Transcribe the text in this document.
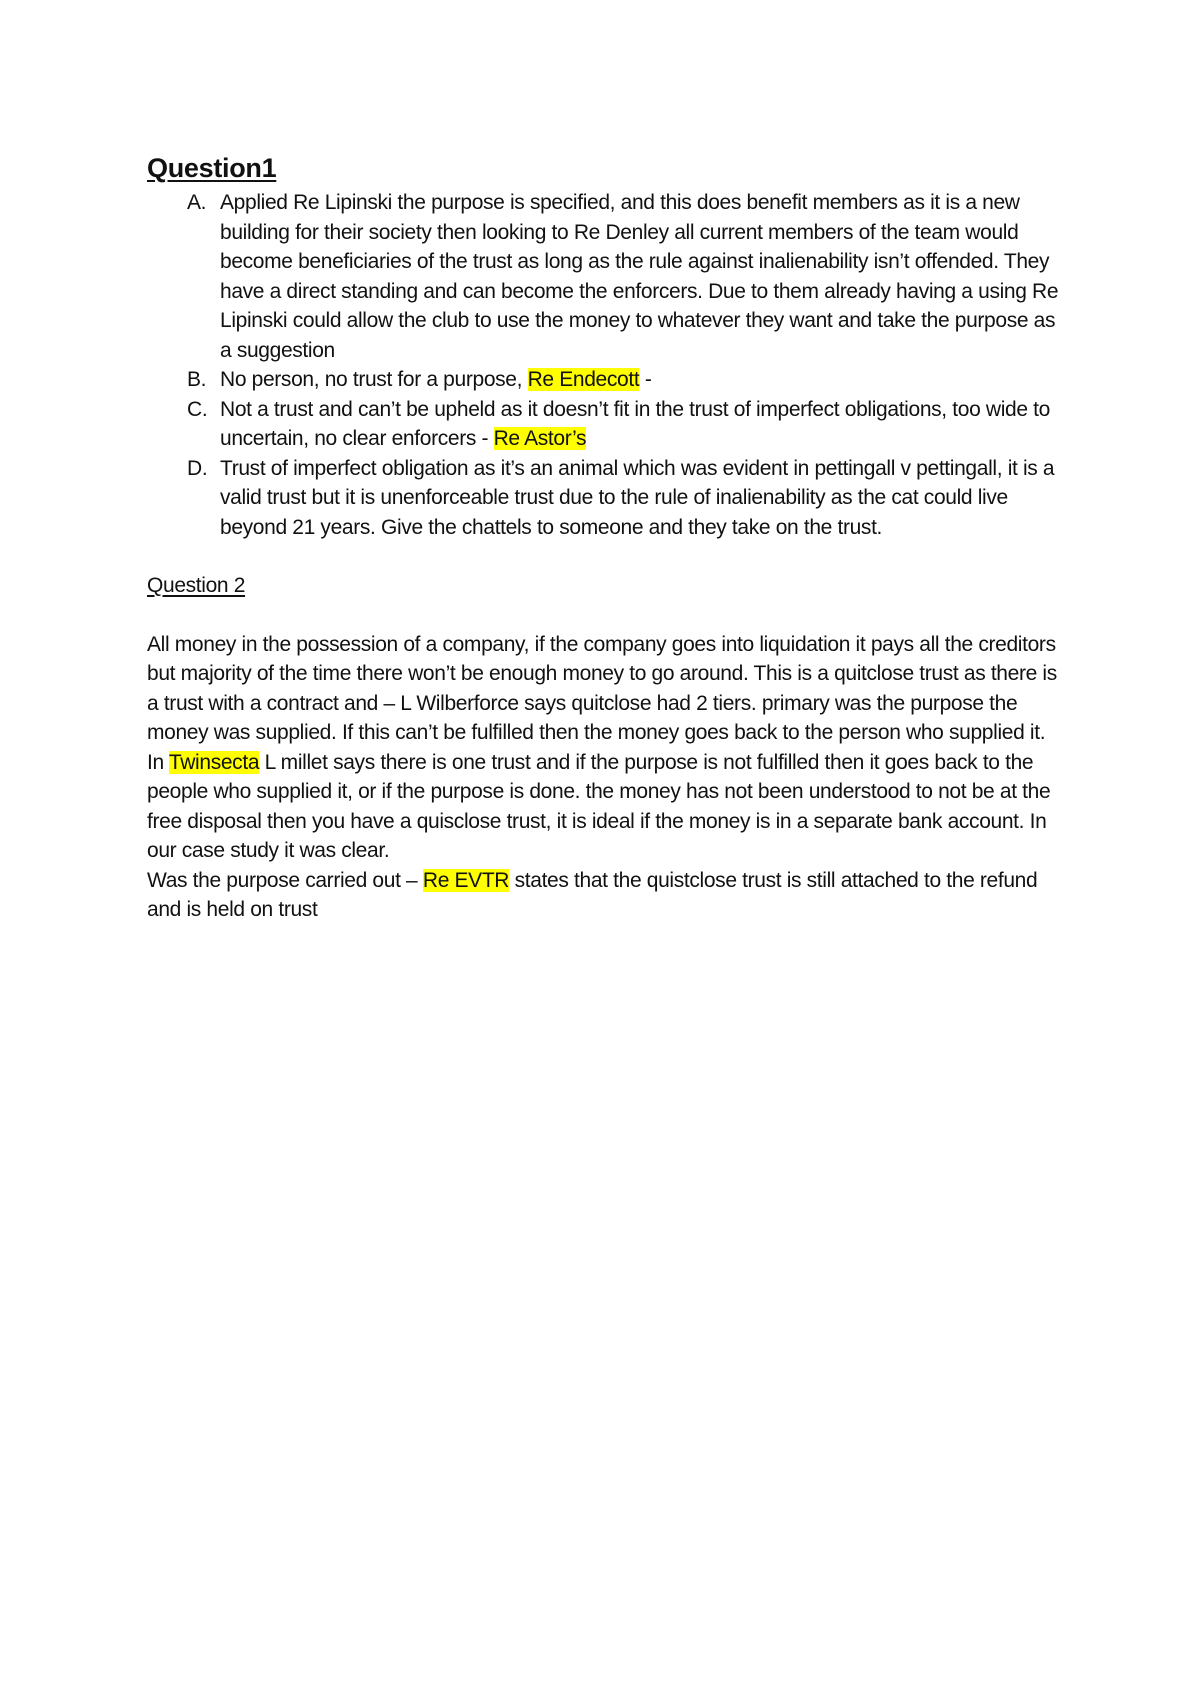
Question1
A. Applied Re Lipinski the purpose is specified, and this does benefit members as it is a new building for their society then looking to Re Denley all current members of the team would become beneficiaries of the trust as long as the rule against inalienability isn’t offended. They have a direct standing and can become the enforcers. Due to them already having a using Re Lipinski could allow the club to use the money to whatever they want and take the purpose as a suggestion
B. No person, no trust for a purpose, Re Endecott -
C. Not a trust and can’t be upheld as it doesn’t fit in the trust of imperfect obligations, too wide to uncertain, no clear enforcers - Re Astor’s
D. Trust of imperfect obligation as it’s an animal which was evident in pettingall v pettingall, it is a valid trust but it is unenforceable trust due to the rule of inalienability as the cat could live beyond 21 years. Give the chattels to someone and they take on the trust.
Question 2

All money in the possession of a company, if the company goes into liquidation it pays all the creditors but majority of the time there won’t be enough money to go around. This is a quitclose trust as there is a trust with a contract and – L Wilberforce says quitclose had 2 tiers. primary was the purpose the money was supplied. If this can’t be fulfilled then the money goes back to the person who supplied it.

In Twinsecta L millet says there is one trust and if the purpose is not fulfilled then it goes back to the people who supplied it, or if the purpose is done. the money has not been understood to not be at the free disposal then you have a quisclose trust, it is ideal if the money is in a separate bank account. In our case study it was clear.

Was the purpose carried out – Re EVTR states that the quistclose trust is still attached to the refund and is held on trust
